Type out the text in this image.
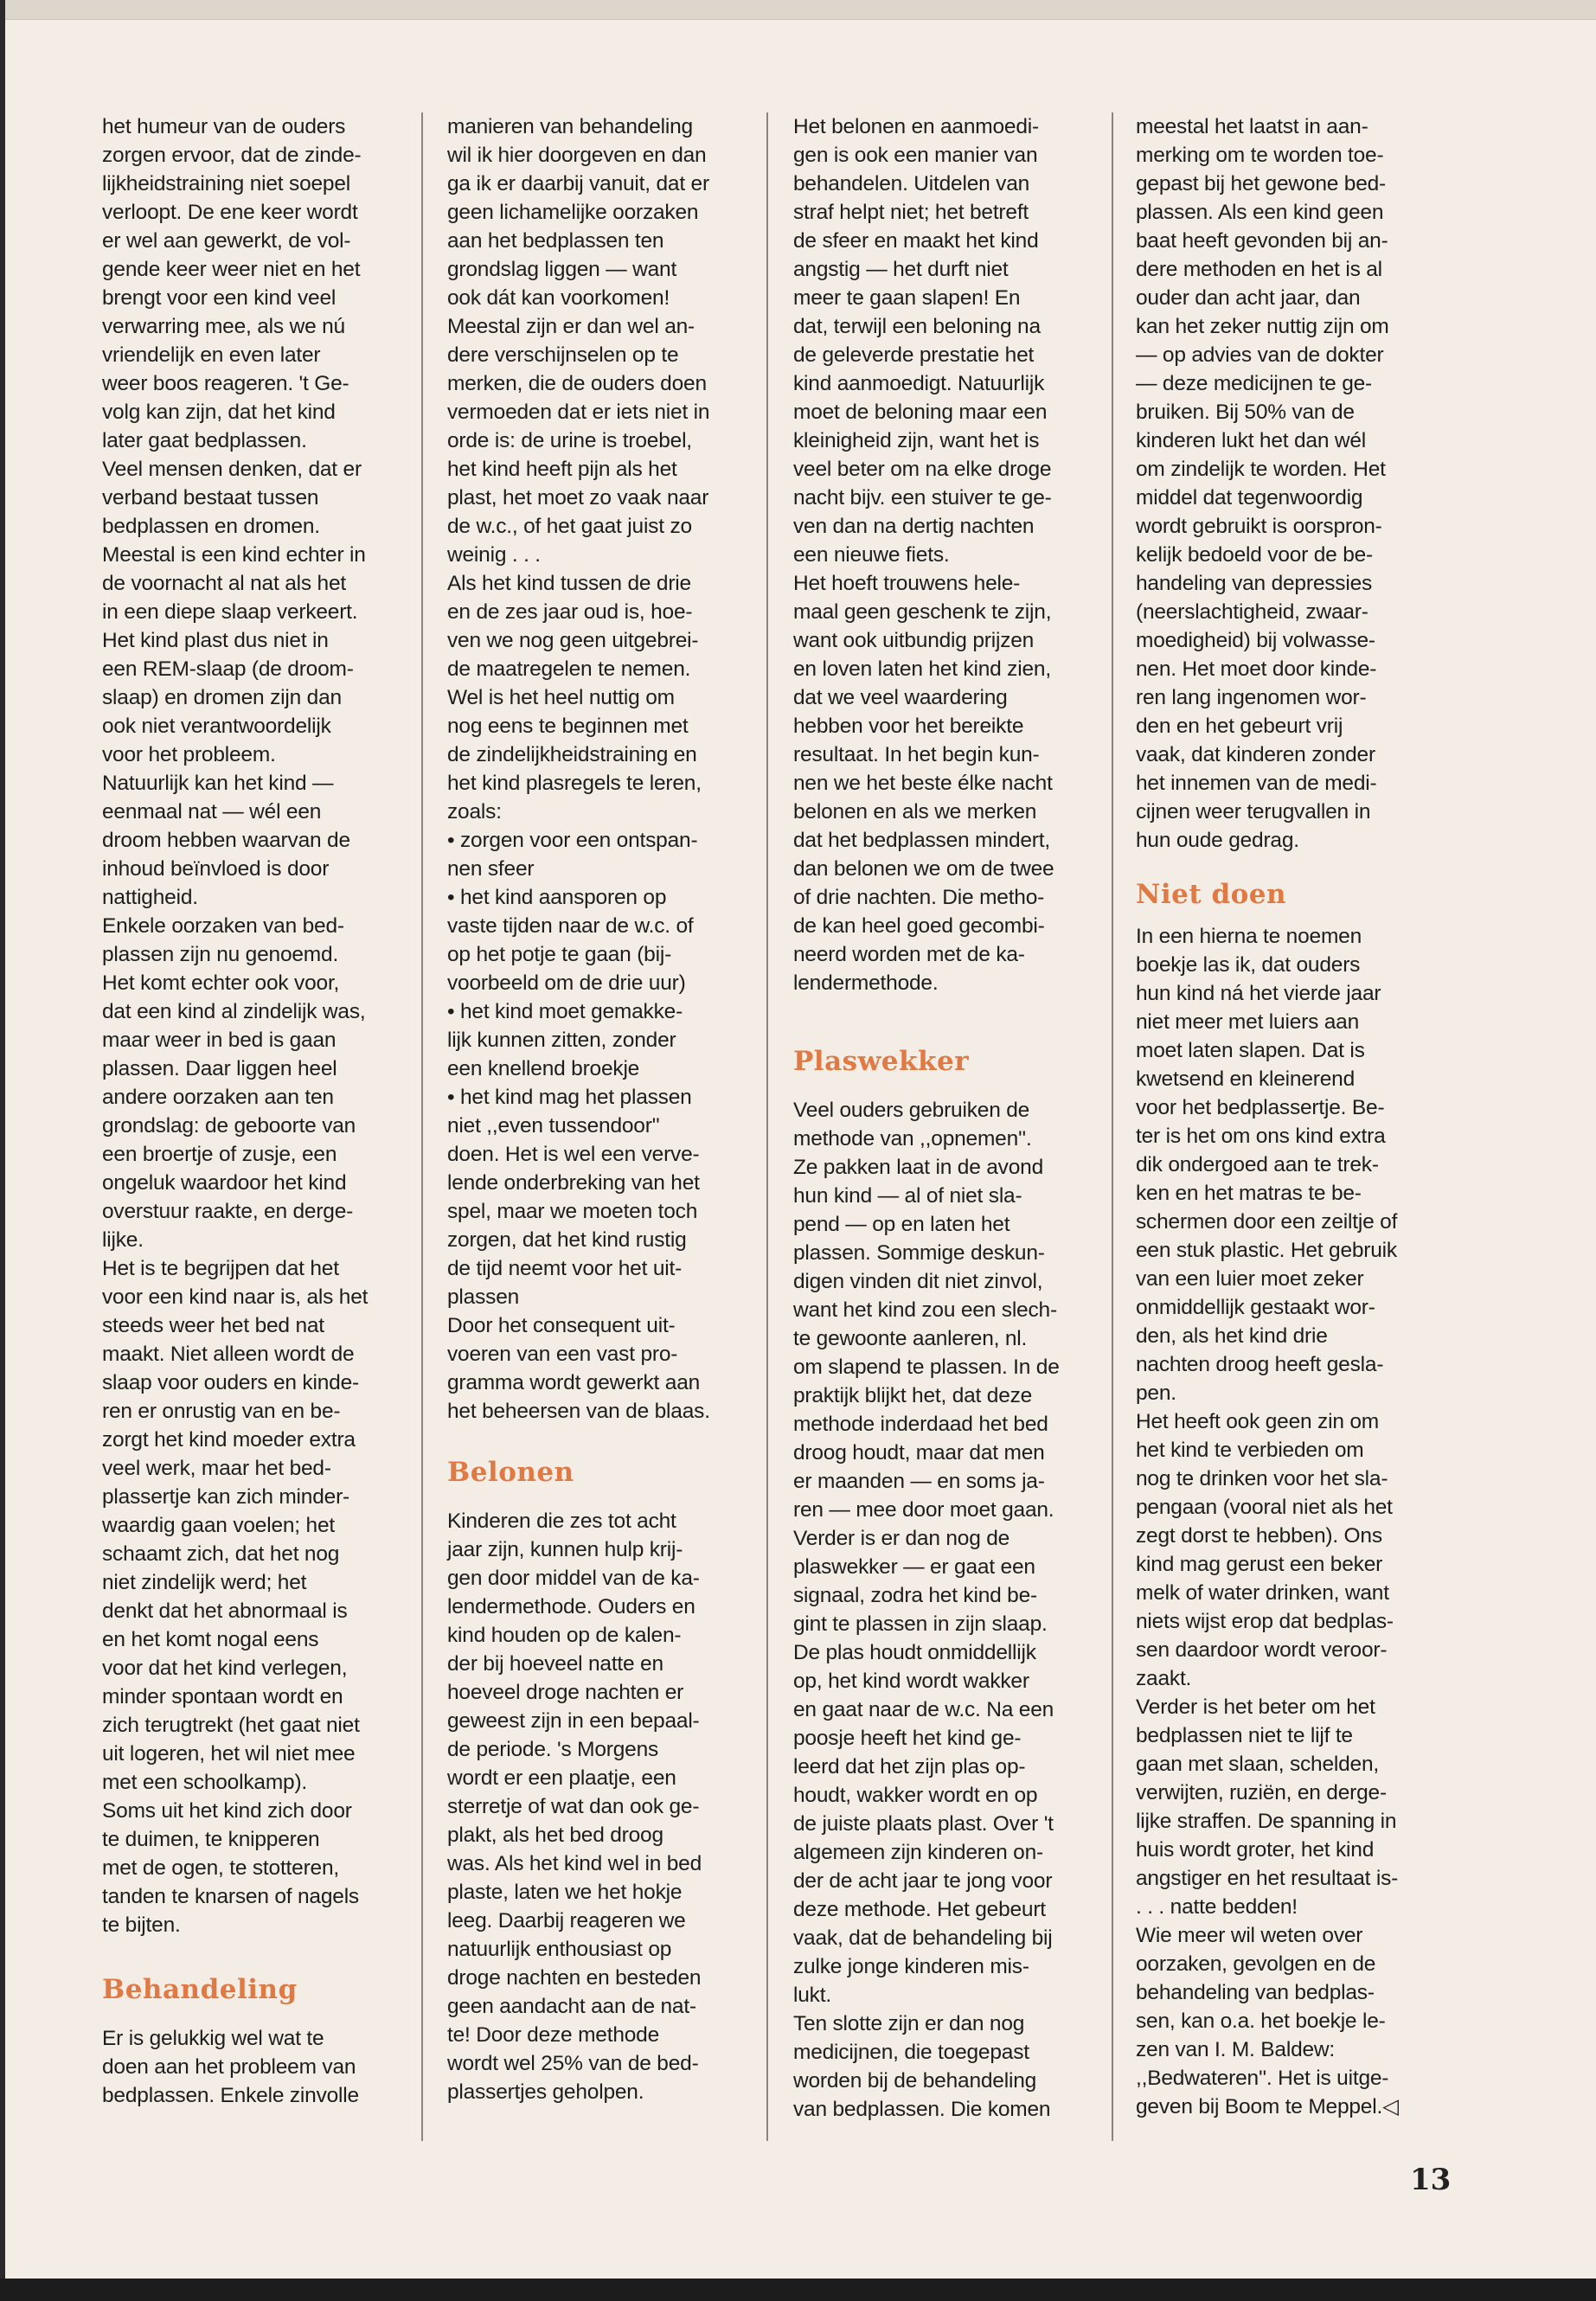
het humeur van de ouders
zorgen ervoor, dat de zinde-
lijkheidstraining niet soepel
verloopt. De ene keer wordt
er wel aan gewerkt, de vol-
gende keer weer niet en het
brengt voor een kind veel
verwarring mee, als we nú
vriendelijk en even later
weer boos reageren. 't Ge-
volg kan zijn, dat het kind
later gaat bedplassen.

Veel mensen denken, dat er
verband bestaat tussen
bedplassen en dromen.
Meestal is een kind echter in
de voornacht al nat als het
in een diepe slaap verkeert.
Het kind plast dus niet in
een REM-slaap (de droom-
slaap) en dromen zijn dan
ook niet verantwoordelijk
voor het probleem.
Natuurlijk kan het kind —
eenmaal nat — wél een
droom hebben waarvan de
inhoud beïnvloed is door
nattigheid.

Enkele oorzaken van bed-
plassen zijn nu genoemd.
Het komt echter ook voor,
dat een kind al zindelijk was,
maar weer in bed is gaan
plassen. Daar liggen heel
andere oorzaken aan ten
grondslag: de geboorte van
een broertje of zusje, een
ongeluk waardoor het kind
overstuur raakte, en derge-
lijke.

Het is te begrijpen dat het
voor een kind naar is, als het
steeds weer het bed nat
maakt. Niet alleen wordt de
slaap voor ouders en kinde-
ren er onrustig van en be-
zorgt het kind moeder extra
veel werk, maar het bed-
plassertje kan zich minder-
waardig gaan voelen; het
schaamt zich, dat het nog
niet zindelijk werd; het
denkt dat het abnormaal is
en het komt nogal eens
voor dat het kind verlegen,
minder spontaan wordt en
zich terugtrekt (het gaat niet
uit logeren, het wil niet mee
met een schoolkamp).
Soms uit het kind zich door
te duimen, te knipperen
met de ogen, te stotteren,
tanden te knarsen of nagels
te bijten.

Behandeling

Er is gelukkig wel wat te
doen aan het probleem van
bedplassen. Enkele zinvolle

manieren van behandeling
wil ik hier doorgeven en dan
ga ik er daarbij vanuit, dat er
geen lichamelijke oorzaken
aan het bedplassen ten
grondslag liggen — want
ook dát kan voorkomen!
Meestal zijn er dan wel an-
dere verschijnselen op te
merken, die de ouders doen
vermoeden dat er iets niet in
orde is: de urine is troebel,
het kind heeft pijn als het
plast, het moet zo vaak naar
de w.c., of het gaat juist zo
weinig . . .

Als het kind tussen de drie
en de zes jaar oud is, hoe-
ven we nog geen uitgebrei-
de maatregelen te nemen.
Wel is het heel nuttig om
nog eens te beginnen met
de zindelijkheidstraining en
het kind plasregels te leren,
zoals:

• zorgen voor een ontspan-
nen sfeer

• het kind aansporen op
vaste tijden naar de w.c. of
op het potje te gaan (bij-
voorbeeld om de drie uur)

• het kind moet gemakke-
lijk kunnen zitten, zonder
een knellend broekje

• het kind mag het plassen
niet ,,even tussendoor''
doen. Het is wel een verve-
lende onderbreking van het
spel, maar we moeten toch
zorgen, dat het kind rustig
de tijd neemt voor het uit-
plassen

Door het consequent uit-
voeren van een vast pro-
gramma wordt gewerkt aan
het beheersen van de blaas.

Belonen

Kinderen die zes tot acht
jaar zijn, kunnen hulp krij-
gen door middel van de ka-
lendermethode. Ouders en
kind houden op de kalen-
der bij hoeveel natte en
hoeveel droge nachten er
geweest zijn in een bepaal-
de periode. 's Morgens
wordt er een plaatje, een
sterretje of wat dan ook ge-
plakt, als het bed droog
was. Als het kind wel in bed
plaste, laten we het hokje
leeg. Daarbij reageren we
natuurlijk enthousiast op
droge nachten en besteden
geen aandacht aan de nat-
te! Door deze methode
wordt wel 25% van de bed-
plassertjes geholpen.

Het belonen en aanmoedi-
gen is ook een manier van
behandelen. Uitdelen van
straf helpt niet; het betreft
de sfeer en maakt het kind
angstig — het durft niet
meer te gaan slapen! En
dat, terwijl een beloning na
de geleverde prestatie het
kind aanmoedigt. Natuurlijk
moet de beloning maar een
kleinigheid zijn, want het is
veel beter om na elke droge
nacht bijv. een stuiver te ge-
ven dan na dertig nachten
een nieuwe fiets.

Het hoeft trouwens hele-
maal geen geschenk te zijn,
want ook uitbundig prijzen
en loven laten het kind zien,
dat we veel waardering
hebben voor het bereikte
resultaat. In het begin kun-
nen we het beste élke nacht
belonen en als we merken
dat het bedplassen mindert,
dan belonen we om de twee
of drie nachten. Die metho-
de kan heel goed gecombi-
neerd worden met de ka-
lendermethode.

Plaswekker

Veel ouders gebruiken de
methode van ,,opnemen''.
Ze pakken laat in de avond
hun kind — al of niet sla-
pend — op en laten het
plassen. Sommige deskun-
digen vinden dit niet zinvol,
want het kind zou een slech-
te gewoonte aanleren, nl.
om slapend te plassen. In de
praktijk blijkt het, dat deze
methode inderdaad het bed
droog houdt, maar dat men
er maanden — en soms ja-
ren — mee door moet gaan.

Verder is er dan nog de
plaswekker — er gaat een
signaal, zodra het kind be-
gint te plassen in zijn slaap.
De plas houdt onmiddellijk
op, het kind wordt wakker
en gaat naar de w.c. Na een
poosje heeft het kind ge-
leerd dat het zijn plas op-
houdt, wakker wordt en op
de juiste plaats plast. Over 't
algemeen zijn kinderen on-
der de acht jaar te jong voor
deze methode. Het gebeurt
vaak, dat de behandeling bij
zulke jonge kinderen mis-
lukt.

Ten slotte zijn er dan nog
medicijnen, die toegepast
worden bij de behandeling
van bedplassen. Die komen

meestal het laatst in aan-
merking om te worden toe-
gepast bij het gewone bed-
plassen. Als een kind geen
baat heeft gevonden bij an-
dere methoden en het is al
ouder dan acht jaar, dan
kan het zeker nuttig zijn om
— op advies van de dokter
— deze medicijnen te ge-
bruiken. Bij 50% van de
kinderen lukt het dan wél
om zindelijk te worden. Het
middel dat tegenwoordig
wordt gebruikt is oorspron-
kelijk bedoeld voor de be-
handeling van depressies
(neerslachtigheid, zwaar-
moedigheid) bij volwasse-
nen. Het moet door kinde-
ren lang ingenomen wor-
den en het gebeurt vrij
vaak, dat kinderen zonder
het innemen van de medi-
cijnen weer terugvallen in
hun oude gedrag.

Niet doen

In een hierna te noemen
boekje las ik, dat ouders
hun kind ná het vierde jaar
niet meer met luiers aan
moet laten slapen. Dat is
kwetsend en kleinerend
voor het bedplassertje. Be-
ter is het om ons kind extra
dik ondergoed aan te trek-
ken en het matras te be-
schermen door een zeiltje of
een stuk plastic. Het gebruik
van een luier moet zeker
onmiddellijk gestaakt wor-
den, als het kind drie
nachten droog heeft gesla-
pen.

Het heeft ook geen zin om
het kind te verbieden om
nog te drinken voor het sla-
pengaan (vooral niet als het
zegt dorst te hebben). Ons
kind mag gerust een beker
melk of water drinken, want
niets wijst erop dat bedplas-
sen daardoor wordt veroor-
zaakt.

Verder is het beter om het
bedplassen niet te lijf te
gaan met slaan, schelden,
verwijten, ruziën, en derge-
lijke straffen. De spanning in
huis wordt groter, het kind
angstiger en het resultaat is-
. . . natte bedden!

Wie meer wil weten over
oorzaken, gevolgen en de
behandeling van bedplas-
sen, kan o.a. het boekje le-
zen van I. M. Baldew:
,,Bedwateren''. Het is uitge-
geven bij Boom te Meppel.◁

13
